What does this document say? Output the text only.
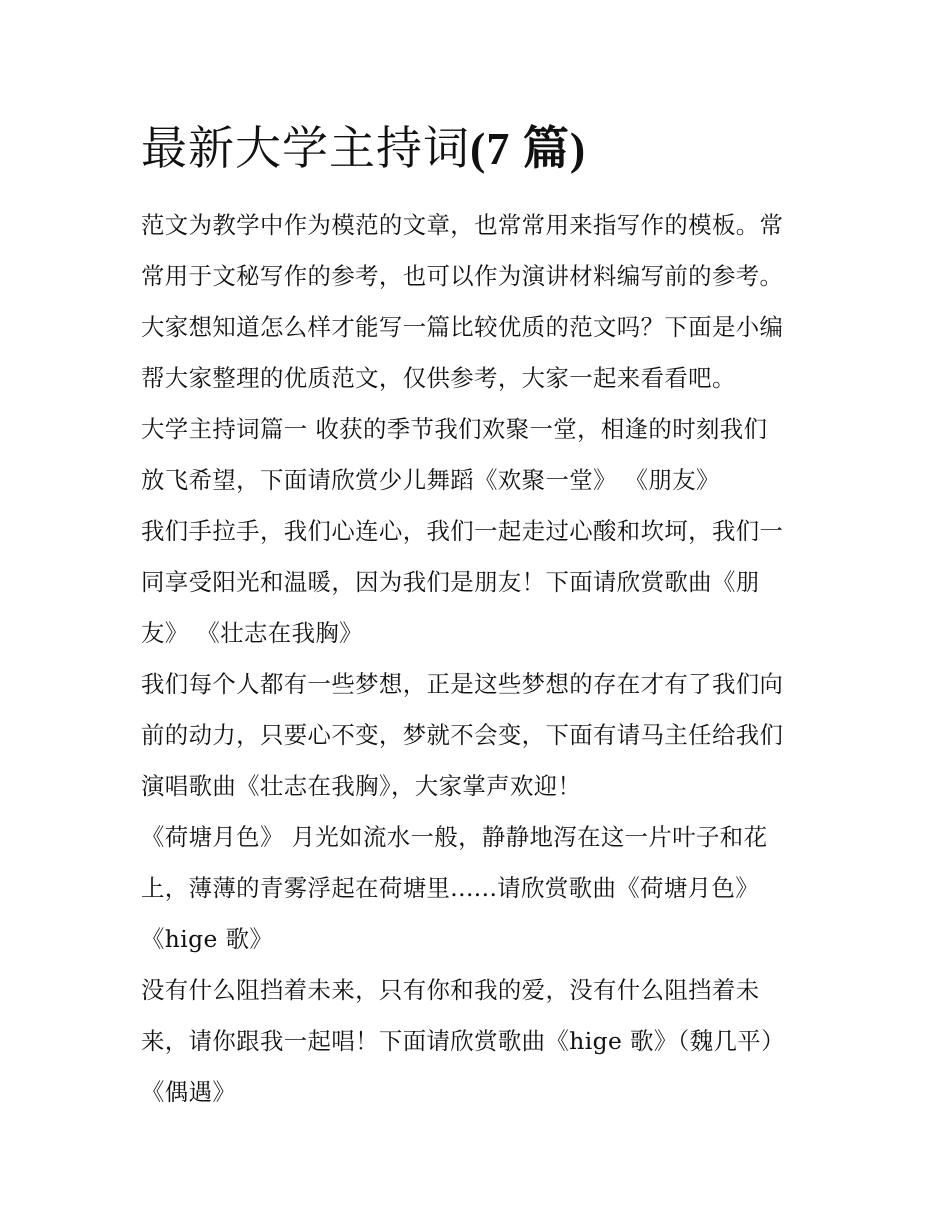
最新大学主持词(7 篇)
范文为教学中作为模范的文章，也常常用来指写作的模板。常
常用于文秘写作的参考，也可以作为演讲材料编写前的参考。
大家想知道怎么样才能写一篇比较优质的范文吗？下面是小编
帮大家整理的优质范文，仅供参考，大家一起来看看吧。
大学主持词篇一 收获的季节我们欢聚一堂，相逢的时刻我们
放飞希望，下面请欣赏少儿舞蹈《欢聚一堂》 《朋友》
我们手拉手，我们心连心，我们一起走过心酸和坎坷，我们一
同享受阳光和温暖，因为我们是朋友！下面请欣赏歌曲《朋
友》 《壮志在我胸》
我们每个人都有一些梦想，正是这些梦想的存在才有了我们向
前的动力，只要心不变，梦就不会变，下面有请马主任给我们
演唱歌曲《壮志在我胸》，大家掌声欢迎！
《荷塘月色》 月光如流水一般，静静地泻在这一片叶子和花
上，薄薄的青雾浮起在荷塘里......请欣赏歌曲《荷塘月色》
《hige 歌》
没有什么阻挡着未来，只有你和我的爱，没有什么阻挡着未
来，请你跟我一起唱！下面请欣赏歌曲《hige 歌》（魏几平）
《偶遇》
